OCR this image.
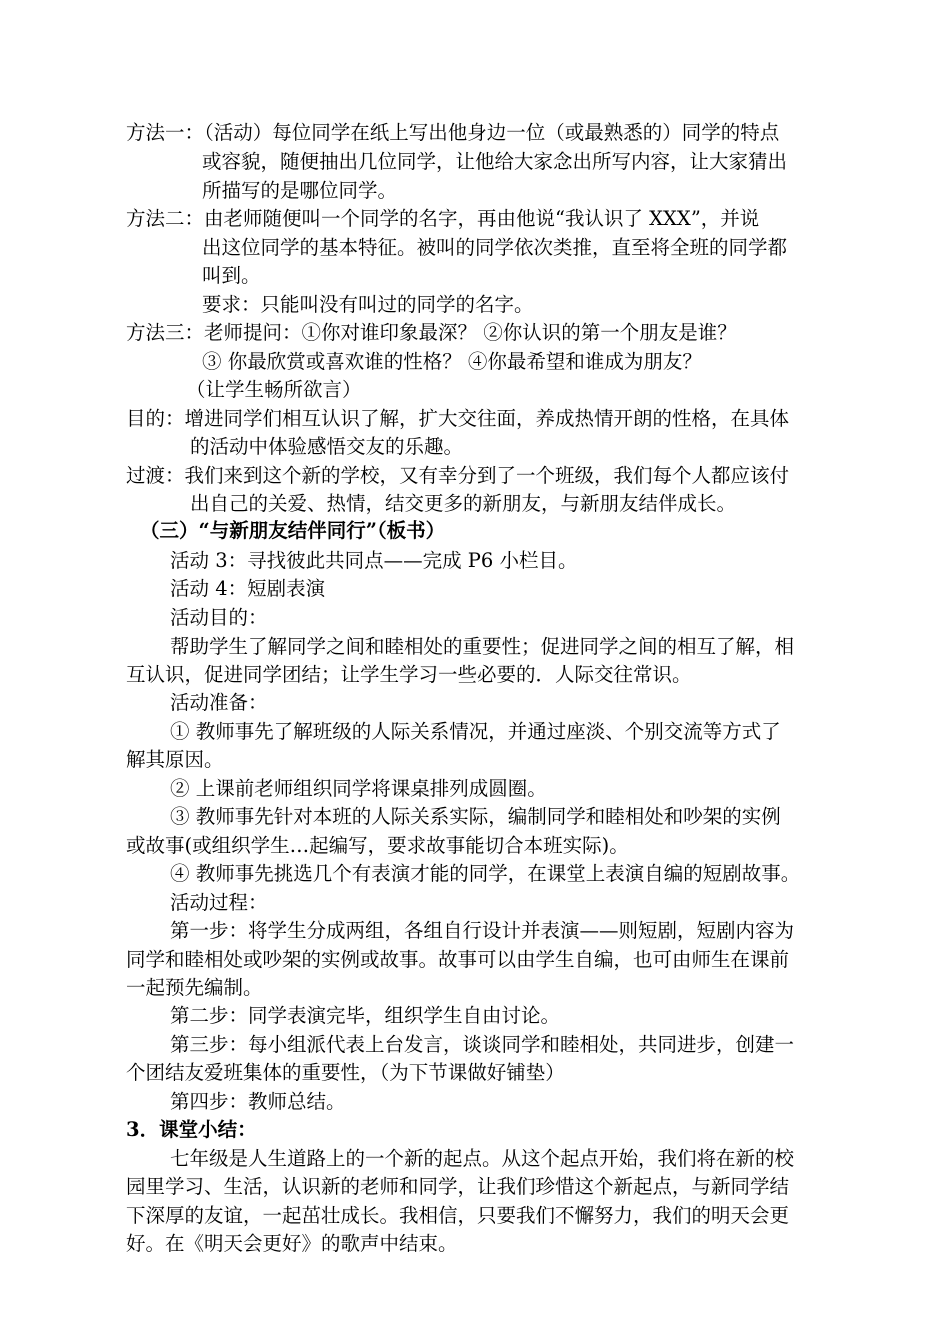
方法一：（活动）每位同学在纸上写出他身边一位（或最熟悉的）同学的特点
或容貌，随便抽出几位同学，让他给大家念出所写内容，让大家猜出
所描写的是哪位同学。
方法二：由老师随便叫一个同学的名字，再由他说“我认识了 XXX”，并说
出这位同学的基本特征。被叫的同学依次类推，直至将全班的同学都
叫到。
要求：只能叫没有叫过的同学的名字。
方法三：老师提问：①你对谁印象最深？ ②你认识的第一个朋友是谁？
③ 你最欣赏或喜欢谁的性格？ ④你最希望和谁成为朋友？
（让学生畅所欲言）
目的：增进同学们相互认识了解，扩大交往面，养成热情开朗的性格，在具体
的活动中体验感悟交友的乐趣。
过渡：我们来到这个新的学校，又有幸分到了一个班级，我们每个人都应该付
出自己的关爱、热情，结交更多的新朋友，与新朋友结伴成长。
（三）“与新朋友结伴同行”（板书）
活动 3：寻找彼此共同点——完成 P6 小栏目。
活动 4：短剧表演
活动目的：
帮助学生了解同学之间和睦相处的重要性；促进同学之间的相互了解，相
互认识，促进同学团结；让学生学习一些必要的．人际交往常识。
活动准备：
① 教师事先了解班级的人际关系情况，并通过座淡、个别交流等方式了
解其原因。
② 上课前老师组织同学将课桌排列成圆圈。
③ 教师事先针对本班的人际关系实际，编制同学和睦相处和吵架的实例
或故事(或组织学生…起编写，要求故事能切合本班实际)。
④ 教师事先挑选几个有表演才能的同学，在课堂上表演自编的短剧故事。
活动过程：
第一步：将学生分成两组，各组自行设计并表演——则短剧，短剧内容为
同学和睦相处或吵架的实例或故事。故事可以由学生自编，也可由师生在课前
一起预先编制。
第二步：同学表演完毕，组织学生自由讨论。
第三步：每小组派代表上台发言，谈谈同学和睦相处，共同进步，创建一
个团结友爱班集体的重要性，（为下节课做好铺垫）
第四步：教师总结。
3．课堂小结：
七年级是人生道路上的一个新的起点。从这个起点开始，我们将在新的校
园里学习、生活，认识新的老师和同学，让我们珍惜这个新起点，与新同学结
下深厚的友谊，一起茁壮成长。我相信，只要我们不懈努力，我们的明天会更
好。在《明天会更好》的歌声中结束。
